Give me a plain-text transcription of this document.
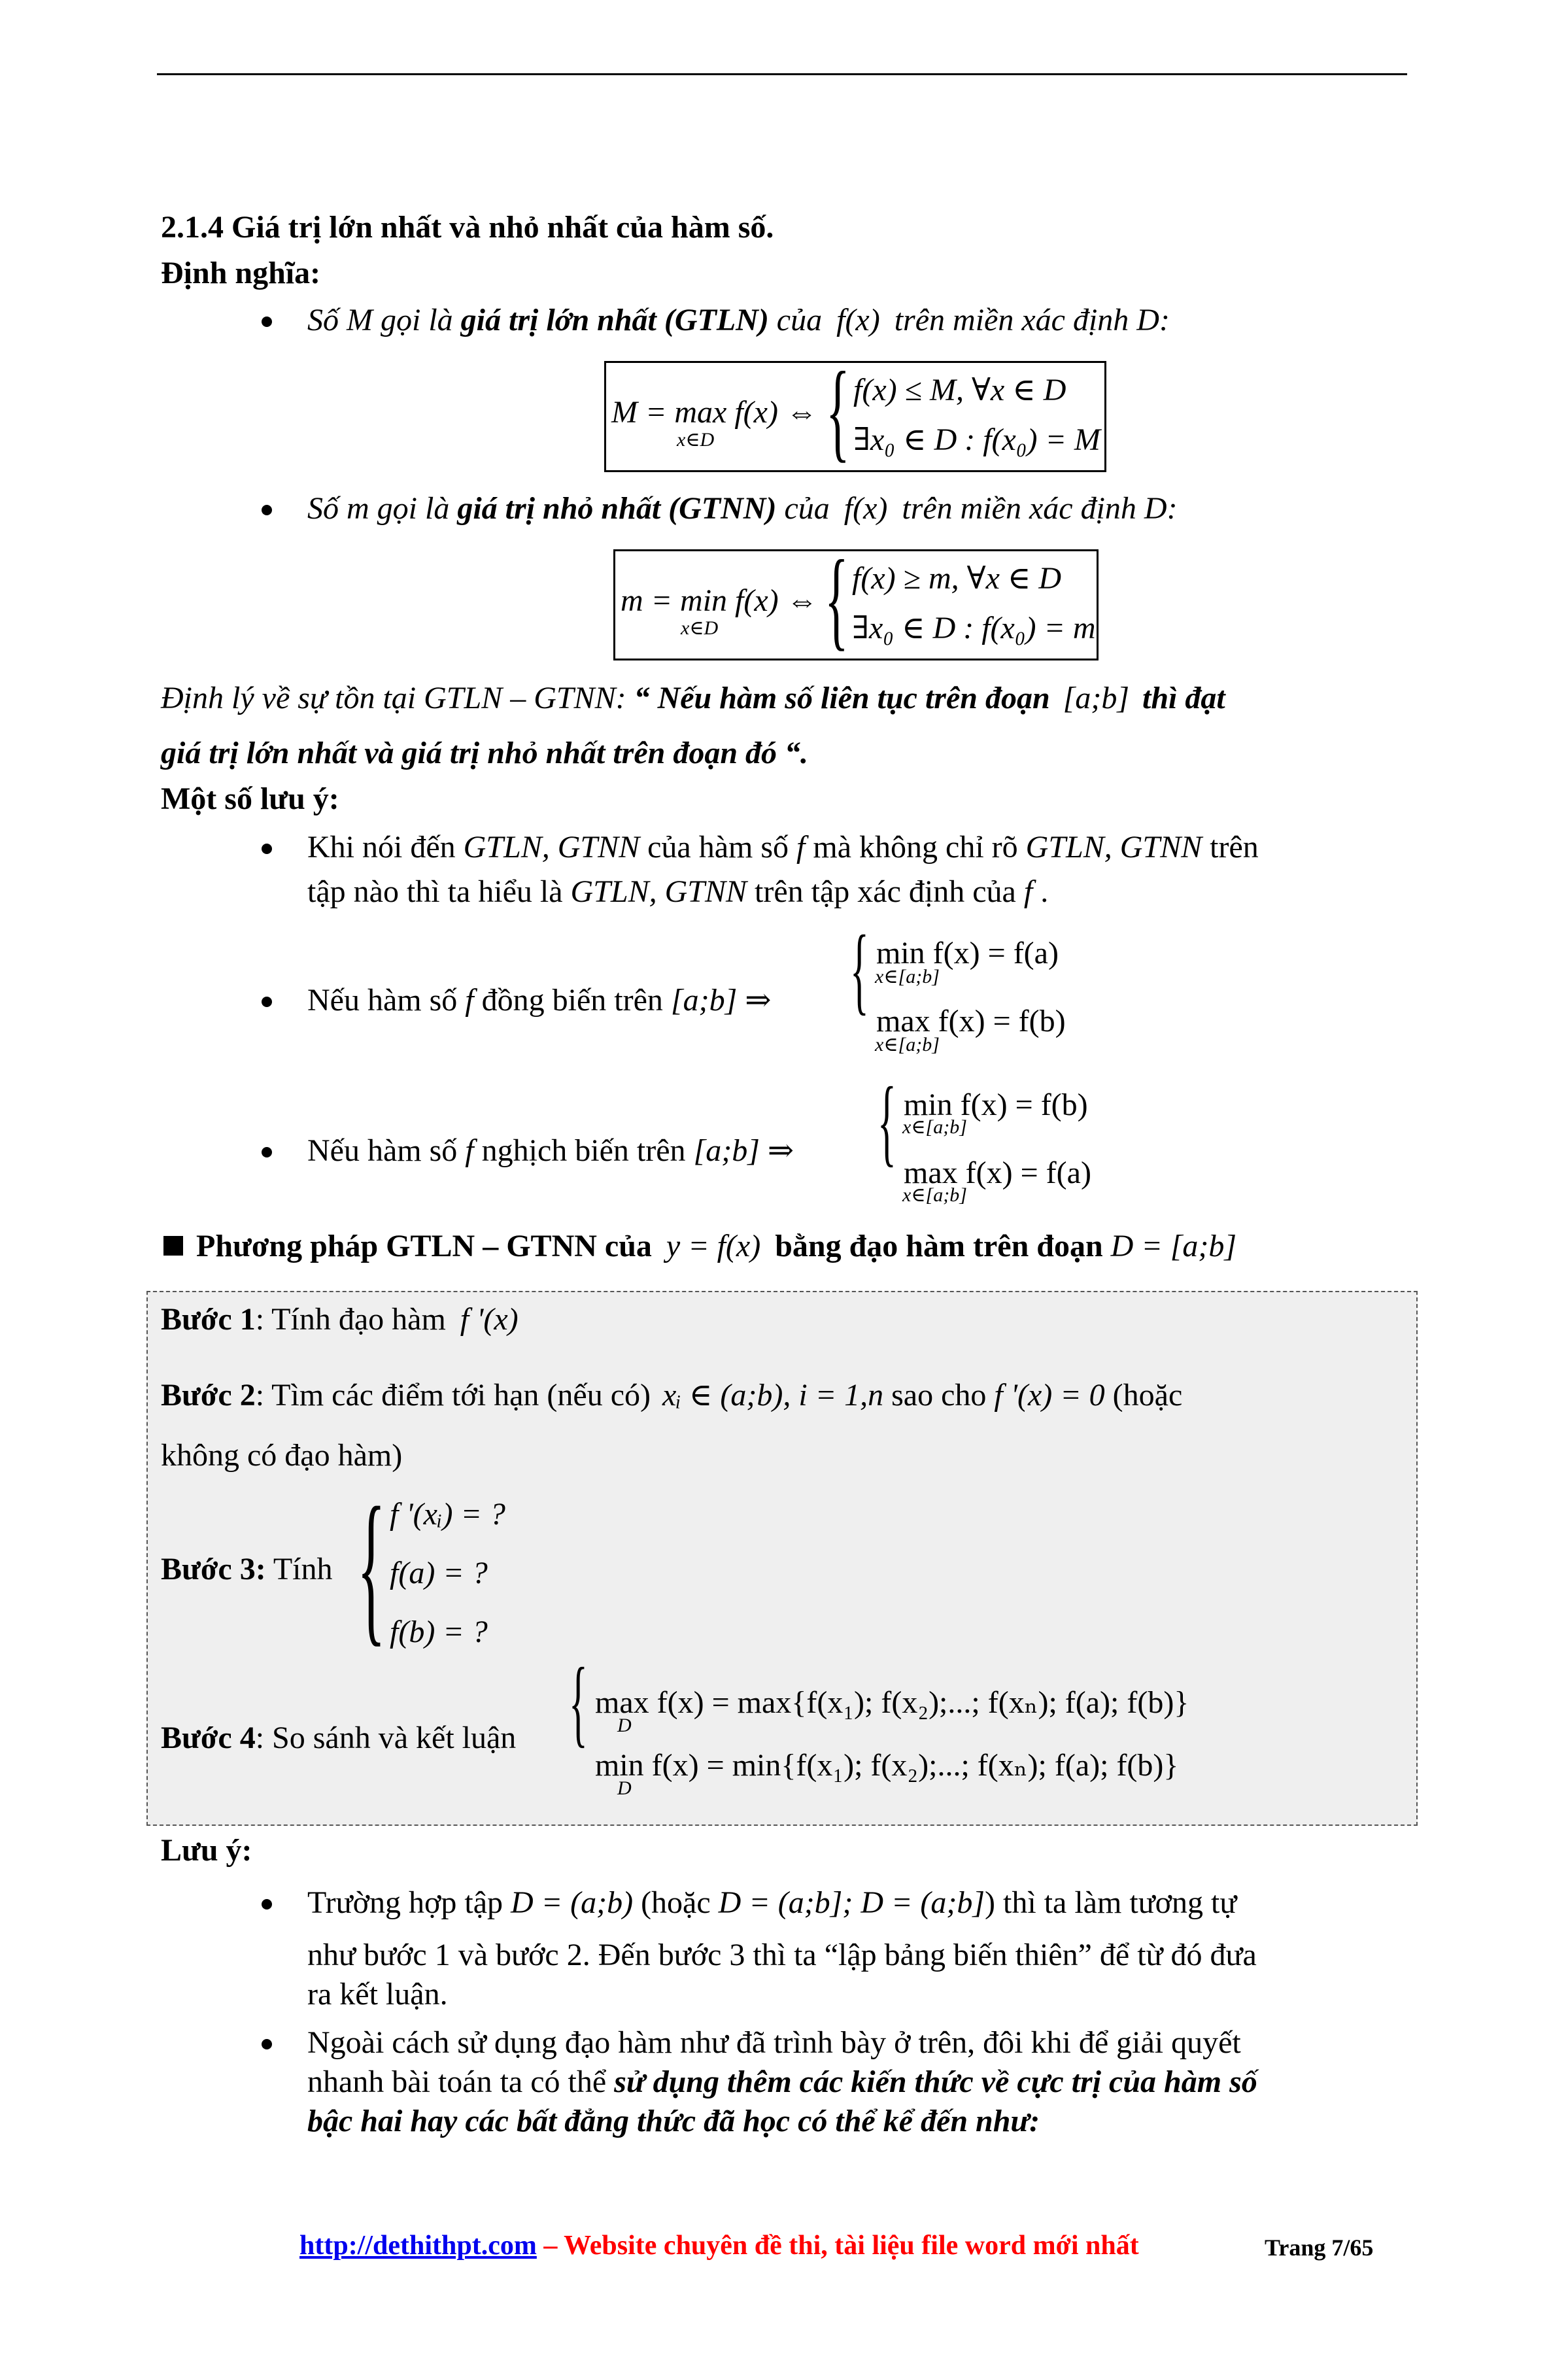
2.1.4 Giá trị lớn nhất và nhỏ nhất của hàm số.
Định nghĩa:
Số M gọi là giá trị lớn nhất (GTLN) của f(x) trên miền xác định D:
M = max f(x) ⇔
x∈D { f(x) ≤ M, ∀x ∈ D
∃x₀ ∈ D : f(x₀) = M
Số m gọi là giá trị nhỏ nhất (GTNN) của f(x) trên miền xác định D:
m = min f(x) ⇔
x∈D { f(x) ≥ m, ∀x ∈ D
∃x₀ ∈ D : f(x₀) = m
Định lý về sự tồn tại GTLN – GTNN: “ Nếu hàm số liên tục trên đoạn [a;b] thì đạt
giá trị lớn nhất và giá trị nhỏ nhất trên đoạn đó “.
Một số lưu ý:
Khi nói đến GTLN, GTNN của hàm số f mà không chỉ rõ GTLN, GTNN trên
tập nào thì ta hiểu là GTLN, GTNN trên tập xác định của f .
Nếu hàm số f đồng biến trên [a;b] ⇒ { min f(x) = f(a)
x∈[a;b]
max f(x) = f(b)
x∈[a;b]
Nếu hàm số f nghịch biến trên [a;b] ⇒ { min f(x) = f(b)
x∈[a;b]
max f(x) = f(a)
x∈[a;b]
Phương pháp GTLN – GTNN của y = f(x) bằng đạo hàm trên đoạn D = [a;b]
Bước 1: Tính đạo hàm f '(x)
Bước 2: Tìm các điểm tới hạn (nếu có) xᵢ ∈ (a;b), i = 1,n sao cho f '(x) = 0 (hoặc
không có đạo hàm)
Bước 3: Tính { f '(xᵢ) = ?
f(a) = ?
f(b) = ?
Bước 4: So sánh và kết luận { max f(x) = max{f(x₁); f(x₂);...; f(xₙ); f(a); f(b)}
D
min f(x) = min{f(x₁); f(x₂);...; f(xₙ); f(a); f(b)}
D
Lưu ý:
Trường hợp tập D = (a;b) (hoặc D = (a;b]; D = (a;b]) thì ta làm tương tự
như bước 1 và bước 2. Đến bước 3 thì ta “lập bảng biến thiên” để từ đó đưa
ra kết luận.
Ngoài cách sử dụng đạo hàm như đã trình bày ở trên, đôi khi để giải quyết
nhanh bài toán ta có thể sử dụng thêm các kiến thức về cực trị của hàm số
bậc hai hay các bất đẳng thức đã học có thể kể đến như:
http://dethithpt.com – Website chuyên đề thi, tài liệu file word mới nhất	Trang 7/65
